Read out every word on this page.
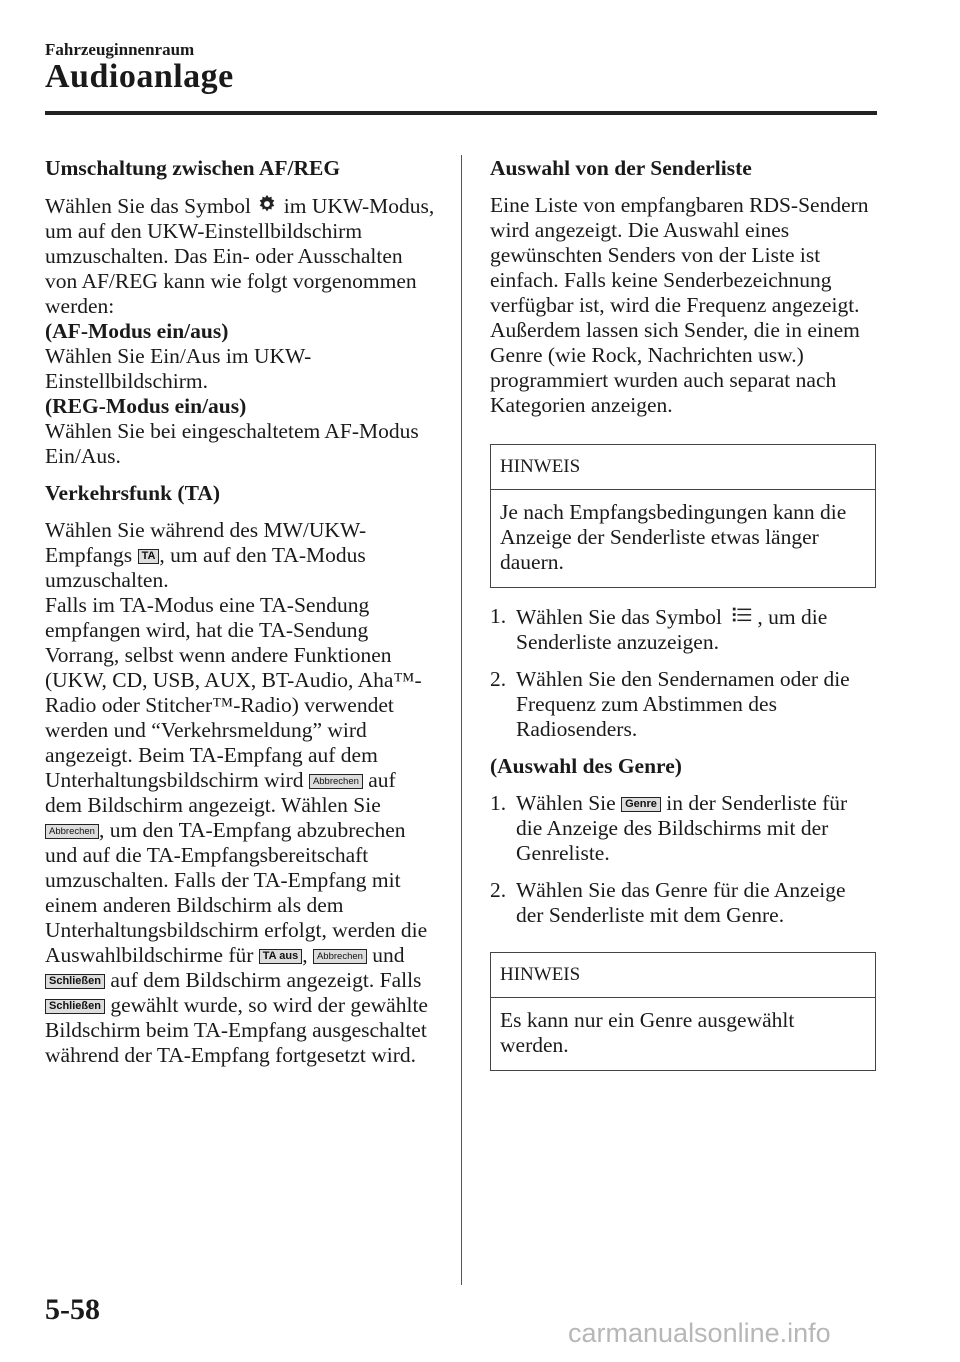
Fahrzeuginnenraum
Audioanlage

Umschaltung zwischen AF/REG

Wählen Sie das Symbol im UKW-Modus, um auf den UKW-Einstellbildschirm umzuschalten. Das Ein- oder Ausschalten von AF/REG kann wie folgt vorgenommen werden:

(AF-Modus ein/aus)

Wählen Sie Ein/Aus im UKW-Einstellbildschirm.

(REG-Modus ein/aus)

Wählen Sie bei eingeschaltetem AF-Modus Ein/Aus.

Verkehrsfunk (TA)

Wählen Sie während des MW/UKW-Empfangs TA , um auf den TA-Modus umzuschalten.

Falls im TA-Modus eine TA-Sendung empfangen wird, hat die TA-Sendung Vorrang, selbst wenn andere Funktionen (UKW, CD, USB, AUX, BT-Audio, Aha™-Radio oder Stitcher™-Radio) verwendet werden und “Verkehrsmeldung” wird angezeigt. Beim TA-Empfang auf dem Unterhaltungsbildschirm wird Abbrechen auf dem Bildschirm angezeigt. Wählen Sie Abbrechen , um den TA-Empfang abzubrechen und auf die TA-Empfangsbereitschaft umzuschalten. Falls der TA-Empfang mit einem anderen Bildschirm als dem Unterhaltungsbildschirm erfolgt, werden die Auswahlbildschirme für TA aus , Abbrechen undSchließen auf dem Bildschirm angezeigt. Falls Schließen gewählt wurde, so wird der gewählte Bildschirm beim TA-Empfang ausgeschaltet während der TA-Empfang fortgesetzt wird.

Auswahl von der Senderliste

Eine Liste von empfangbaren RDS-Sendern wird angezeigt. Die Auswahl eines gewünschten Senders von der Liste ist einfach. Falls keine Senderbezeichnung verfügbar ist, wird die Frequenz angezeigt. Außerdem lassen sich Sender, die in einem Genre (wie Rock, Nachrichten usw.) programmiert wurden auch separat nach Kategorien anzeigen.

HINWEIS
Je nach Empfangsbedingungen kann die Anzeige der Senderliste etwas länger dauern.
1. Wählen Sie das Symbol , um die Senderliste anzuzeigen.
2. Wählen Sie den Sendernamen oder die Frequenz zum Abstimmen des Radiosenders.

(Auswahl des Genre)

1. Wählen Sie Genre in der Senderliste für die Anzeige des Bildschirms mit der Genreliste.
2. Wählen Sie das Genre für die Anzeige der Senderliste mit dem Genre.
HINWEIS
Es kann nur ein Genre ausgewählt werden.
5-58
carmanualsonline.info
